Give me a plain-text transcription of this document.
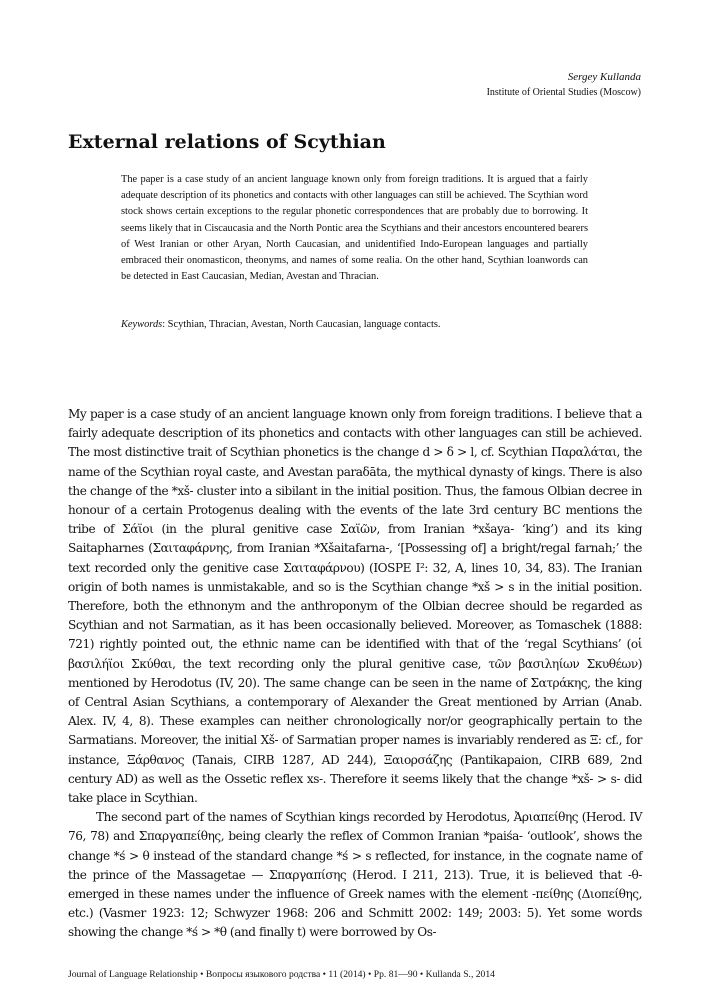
Sergey Kullanda
Institute of Oriental Studies (Moscow)
External relations of Scythian
The paper is a case study of an ancient language known only from foreign traditions. It is argued that a fairly adequate description of its phonetics and contacts with other languages can still be achieved. The Scythian word stock shows certain exceptions to the regular phonetic correspondences that are probably due to borrowing. It seems likely that in Ciscaucasia and the North Pontic area the Scythians and their ancestors encountered bearers of West Iranian or other Aryan, North Caucasian, and unidentified Indo-European languages and partially embraced their onomasticon, theonyms, and names of some realia. On the other hand, Scythian loanwords can be detected in East Caucasian, Median, Avestan and Thracian.
Keywords: Scythian, Thracian, Avestan, North Caucasian, language contacts.

My paper is a case study of an ancient language known only from foreign traditions. I believe that a fairly adequate description of its phonetics and contacts with other languages can still be achieved. The most distinctive trait of Scythian phonetics is the change d > δ > l, cf. Scythian Παραλάται, the name of the Scythian royal caste, and Avestan paraδāta, the mythical dynasty of kings. There is also the change of the *xš- cluster into a sibilant in the initial position. Thus, the famous Olbian decree in honour of a certain Protogenus dealing with the events of the late 3rd century BC mentions the tribe of Σάϊοι (in the plural genitive case Σαϊῶν, from Iranian *xšaya- ‘king’) and its king Saitapharnes (Σαιταφάρνης, from Iranian *Xšaitafarna-, ‘[Possessing of] a bright/regal farnah;’ the text recorded only the genitive case Σαιταφάρνου) (IOSPE I²: 32, A, lines 10, 34, 83). The Iranian origin of both names is unmistakable, and so is the Scythian change *xš > s in the initial position. Therefore, both the ethnonym and the anthroponym of the Olbian decree should be regarded as Scythian and not Sarmatian, as it has been occasionally believed. Moreover, as Tomaschek (1888: 721) rightly pointed out, the ethnic name can be identified with that of the ‘regal Scythians’ (οἱ βασιλήϊοι Σκύθαι, the text recording only the plural genitive case, τῶν βασιληίων Σκυθέων) mentioned by Herodotus (IV, 20). The same change can be seen in the name of Σατράκης, the king of Central Asian Scythians, a contemporary of Alexander the Great mentioned by Arrian (Anab. Alex. IV, 4, 8). These examples can neither chronologically nor/or geographically pertain to the Sarmatians. Moreover, the initial Xš- of Sarmatian proper names is invariably rendered as Ξ: cf., for instance, Ξάρθανος (Tanais, CIRB 1287, AD 244), Ξαιορσάζης (Pantikapaion, CIRB 689, 2nd century AD) as well as the Ossetic reflex xs-. Therefore it seems likely that the change *xš- > s- did take place in Scythian.

The second part of the names of Scythian kings recorded by Herodotus, Ἀριαπείθης (Herod. IV 76, 78) and Σπαργαπείθης, being clearly the reflex of Common Iranian *paiśa- ‘outlook’, shows the change *ś > θ instead of the standard change *ś > s reflected, for instance, in the cognate name of the prince of the Massagetae — Σπαργαπίσης (Herod. I 211, 213). True, it is believed that -θ- emerged in these names under the influence of Greek names with the element -πείθης (Διοπείθης, etc.) (Vasmer 1923: 12; Schwyzer 1968: 206 and Schmitt 2002: 149; 2003: 5). Yet some words showing the change *ś > *θ (and finally t) were borrowed by Os-

Journal of Language Relationship • Вопросы языкового родства • 11 (2014) • Pp. 81—90 • Kullanda S., 2014
